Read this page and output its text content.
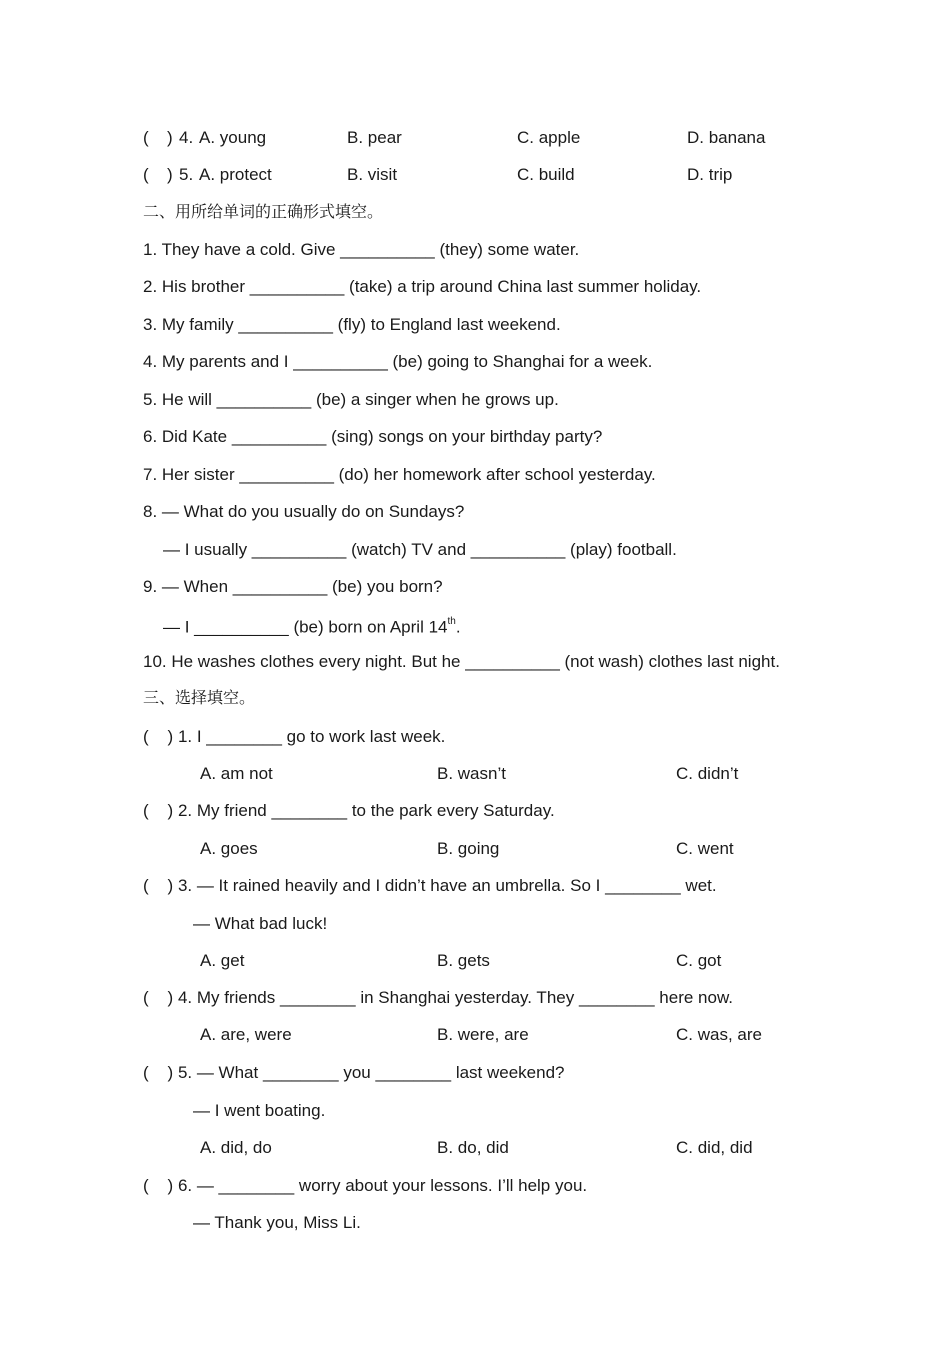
( ) 4. A. young	B. pear	C. apple	D. banana
( ) 5. A. protect	B. visit	C. build	D. trip
二、用所给单词的正确形式填空。
1. They have a cold. Give __________ (they) some water.
2. His brother __________ (take) a trip around China last summer holiday.
3. My family __________ (fly) to England last weekend.
4. My parents and I __________ (be) going to Shanghai for a week.
5. He will __________ (be) a singer when he grows up.
6. Did Kate __________ (sing) songs on your birthday party?
7. Her sister __________ (do) her homework after school yesterday.
8. — What do you usually do on Sundays?
— I usually __________ (watch) TV and __________ (play) football.
9. — When __________ (be) you born?
— I __________ (be) born on April 14th.
10. He washes clothes every night. But he __________ (not wash) clothes last night.
三、选择填空。
(    ) 1. I ________ go to work last week.
A. am not	B. wasn’t	C. didn’t
(    ) 2. My friend ________ to the park every Saturday.
A. goes	B. going	C. went
(    ) 3. — It rained heavily and I didn’t have an umbrella. So I ________ wet.
— What bad luck!
A. get	B. gets	C. got
(    ) 4. My friends ________ in Shanghai yesterday. They ________ here now.
A. are, were	B. were, are	C. was, are
(    ) 5. — What ________ you ________ last weekend?
— I went boating.
A. did, do	B. do, did	C. did, did
(    ) 6. — ________ worry about your lessons. I’ll help you.
— Thank you, Miss Li.
